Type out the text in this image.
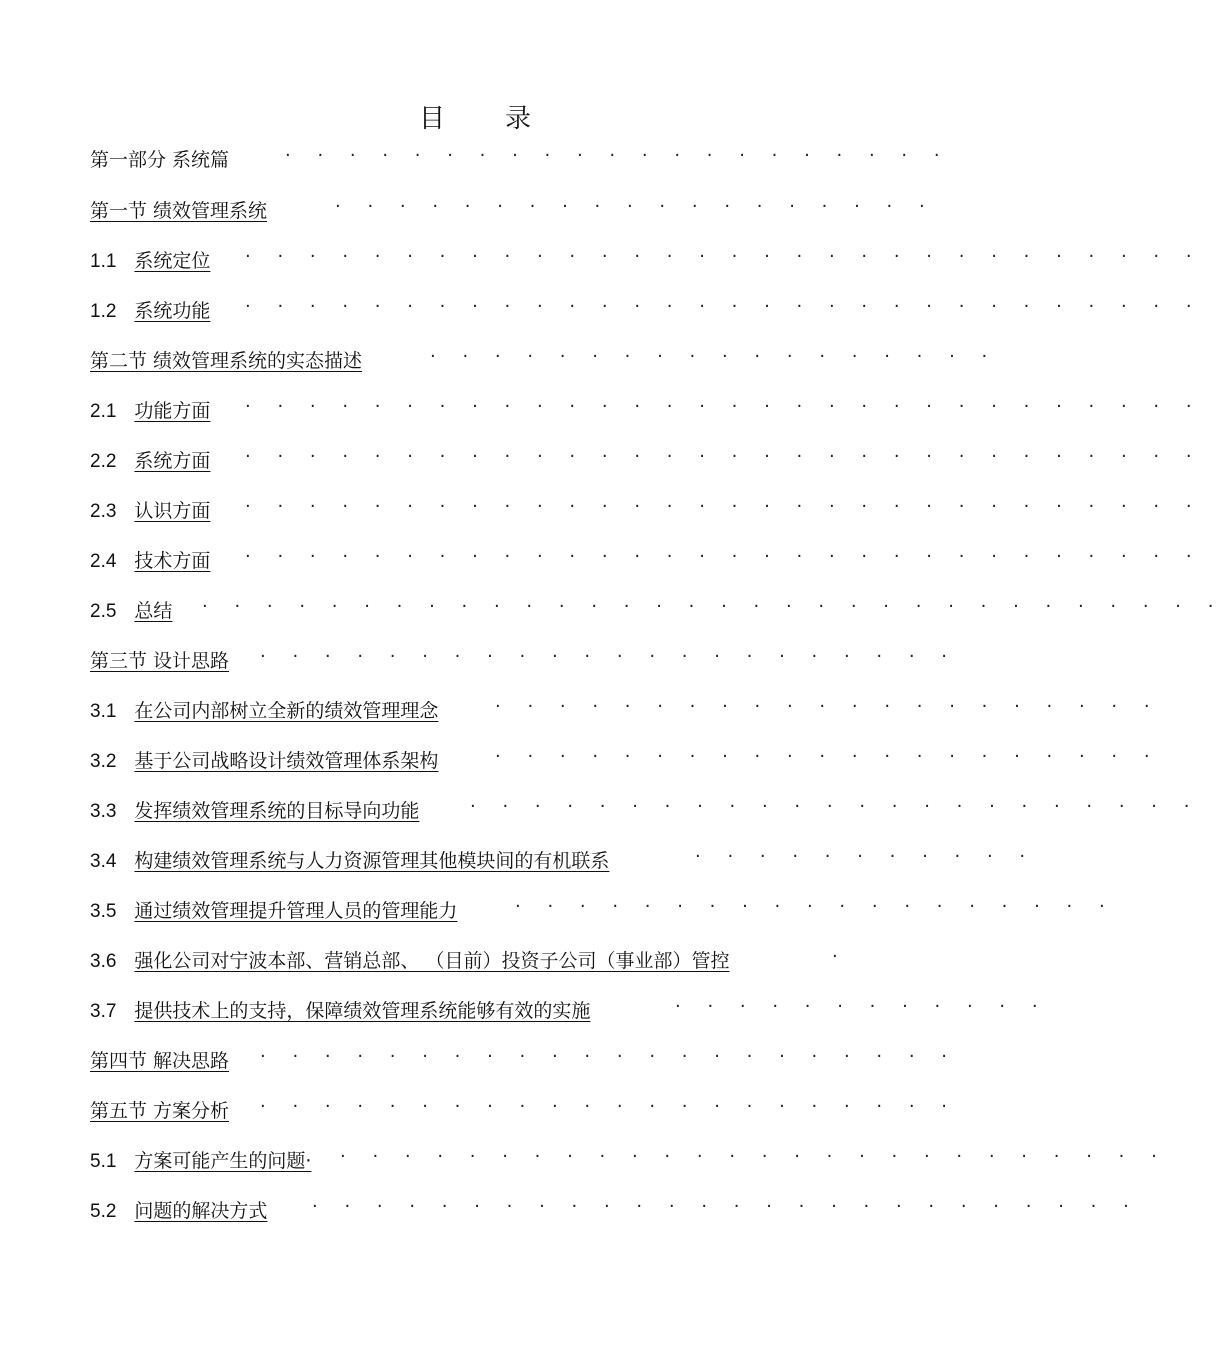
目录
第一部分 系统篇	· · · · · · · · · · · · · · · · · · · · ·
第一节 绩效管理系统	· · · · · · · · · · · · · · · · · · ·
1.1 系统定位	· · · · · · · · · · · · · · · · · · · · · · · · · · · · · ·
1.2 系统功能	· · · · · · · · · · · · · · · · · · · · · · · · · · · · · ·
第二节 绩效管理系统的实态描述	· · · · · · · · · · · · · · · · · ·
2.1 功能方面	· · · · · · · · · · · · · · · · · · · · · · · · · · · · · ·
2.2 系统方面	· · · · · · · · · · · · · · · · · · · · · · · · · · · · · ·
2.3 认识方面	· · · · · · · · · · · · · · · · · · · · · · · · · · · · · ·
2.4 技术方面	· · · · · · · · · · · · · · · · · · · · · · · · · · · · · ·
2.5 总结	· · · · · · · · · · · · · · · · · · · · · · · · · · · · · · · ·
第三节 设计思路	· · · · · · · · · · · · · · · · · · · · · ·
3.1 在公司内部树立全新的绩效管理理念	· · · · · · · · · · · · · · · · · · · · ·
3.2 基于公司战略设计绩效管理体系架构	· · · · · · · · · · · · · · · · · · · · ·
3.3 发挥绩效管理系统的目标导向功能	· · · · · · · · · · · · · · · · · · · · · · ·
3.4 构建绩效管理系统与人力资源管理其他模块间的有机联系	· · · · · · · · · · ·
3.5 通过绩效管理提升管理人员的管理能力	· · · · · · · · · · · · · · · · · · ·
3.6 强化公司对宁波本部、营销总部、 （目前）投资子公司（事业部）管控	·
3.7 提供技术上的支持，保障绩效管理系统能够有效的实施	· · · · · · · · · · · ·
第四节 解决思路	· · · · · · · · · · · · · · · · · · · · · ·
第五节 方案分析	· · · · · · · · · · · · · · · · · · · · · ·
5.1 方案可能产生的问题·	· · · · · · · · · · · · · · · · · · · · · · · · · ·
5.2 问题的解决方式	· · · · · · · · · · · · · · · · · · · · · · · · · ·
